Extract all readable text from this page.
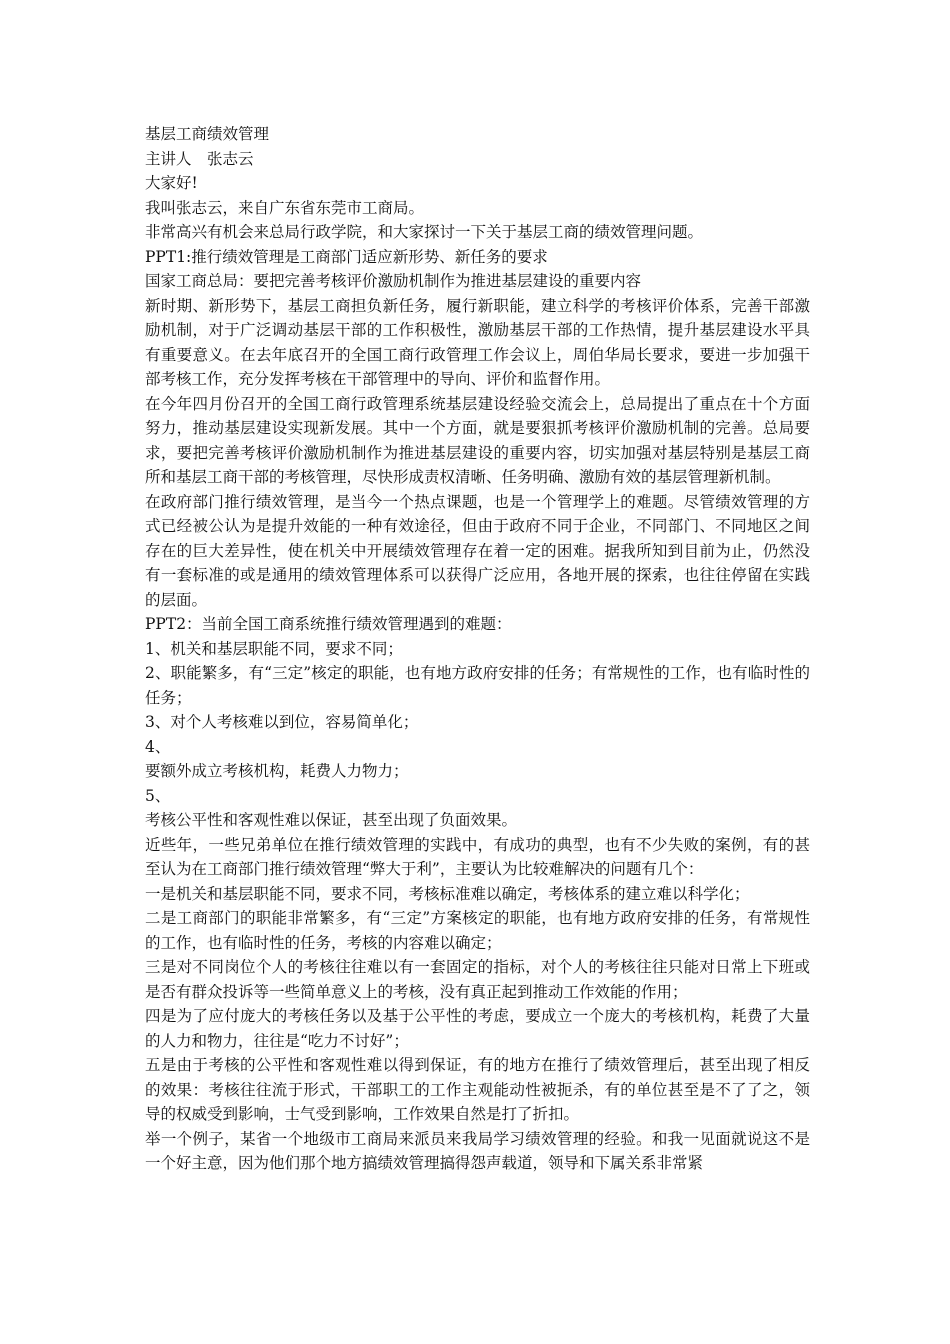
基层工商绩效管理

主讲人　张志云

大家好!

我叫张志云，来自广东省东莞市工商局。

非常高兴有机会来总局行政学院，和大家探讨一下关于基层工商的绩效管理问题。

PPT1:推行绩效管理是工商部门适应新形势、新任务的要求

国家工商总局：要把完善考核评价激励机制作为推进基层建设的重要内容

新时期、新形势下，基层工商担负新任务，履行新职能，建立科学的考核评价体系，完善干部激励机制，对于广泛调动基层干部的工作积极性，激励基层干部的工作热情，提升基层建设水平具有重要意义。在去年底召开的全国工商行政管理工作会议上，周伯华局长要求，要进一步加强干部考核工作，充分发挥考核在干部管理中的导向、评价和监督作用。

在今年四月份召开的全国工商行政管理系统基层建设经验交流会上，总局提出了重点在十个方面努力，推动基层建设实现新发展。其中一个方面，就是要狠抓考核评价激励机制的完善。总局要求，要把完善考核评价激励机制作为推进基层建设的重要内容，切实加强对基层特别是基层工商所和基层工商干部的考核管理，尽快形成责权清晰、任务明确、激励有效的基层管理新机制。

在政府部门推行绩效管理，是当今一个热点课题，也是一个管理学上的难题。尽管绩效管理的方式已经被公认为是提升效能的一种有效途径，但由于政府不同于企业，不同部门、不同地区之间存在的巨大差异性，使在机关中开展绩效管理存在着一定的困难。据我所知到目前为止，仍然没有一套标准的或是通用的绩效管理体系可以获得广泛应用，各地开展的探索，也往往停留在实践的层面。

PPT2：当前全国工商系统推行绩效管理遇到的难题：

1、机关和基层职能不同，要求不同；

2、职能繁多，有“三定”核定的职能，也有地方政府安排的任务；有常规性的工作，也有临时性的任务；

3、对个人考核难以到位，容易简单化；

4、

要额外成立考核机构，耗费人力物力；

5、

考核公平性和客观性难以保证，甚至出现了负面效果。

近些年，一些兄弟单位在推行绩效管理的实践中，有成功的典型，也有不少失败的案例，有的甚至认为在工商部门推行绩效管理“弊大于利”，主要认为比较难解决的问题有几个：

一是机关和基层职能不同，要求不同，考核标准难以确定，考核体系的建立难以科学化；

二是工商部门的职能非常繁多，有“三定”方案核定的职能，也有地方政府安排的任务，有常规性的工作，也有临时性的任务，考核的内容难以确定；

三是对不同岗位个人的考核往往难以有一套固定的指标，对个人的考核往往只能对日常上下班或是否有群众投诉等一些简单意义上的考核，没有真正起到推动工作效能的作用；

四是为了应付庞大的考核任务以及基于公平性的考虑，要成立一个庞大的考核机构，耗费了大量的人力和物力，往往是“吃力不讨好”；

五是由于考核的公平性和客观性难以得到保证，有的地方在推行了绩效管理后，甚至出现了相反的效果：考核往往流于形式，干部职工的工作主观能动性被扼杀，有的单位甚至是不了了之，领导的权威受到影响，士气受到影响，工作效果自然是打了折扣。

举一个例子，某省一个地级市工商局来派员来我局学习绩效管理的经验。和我一见面就说这不是一个好主意，因为他们那个地方搞绩效管理搞得怨声载道，领导和下属关系非常紧
